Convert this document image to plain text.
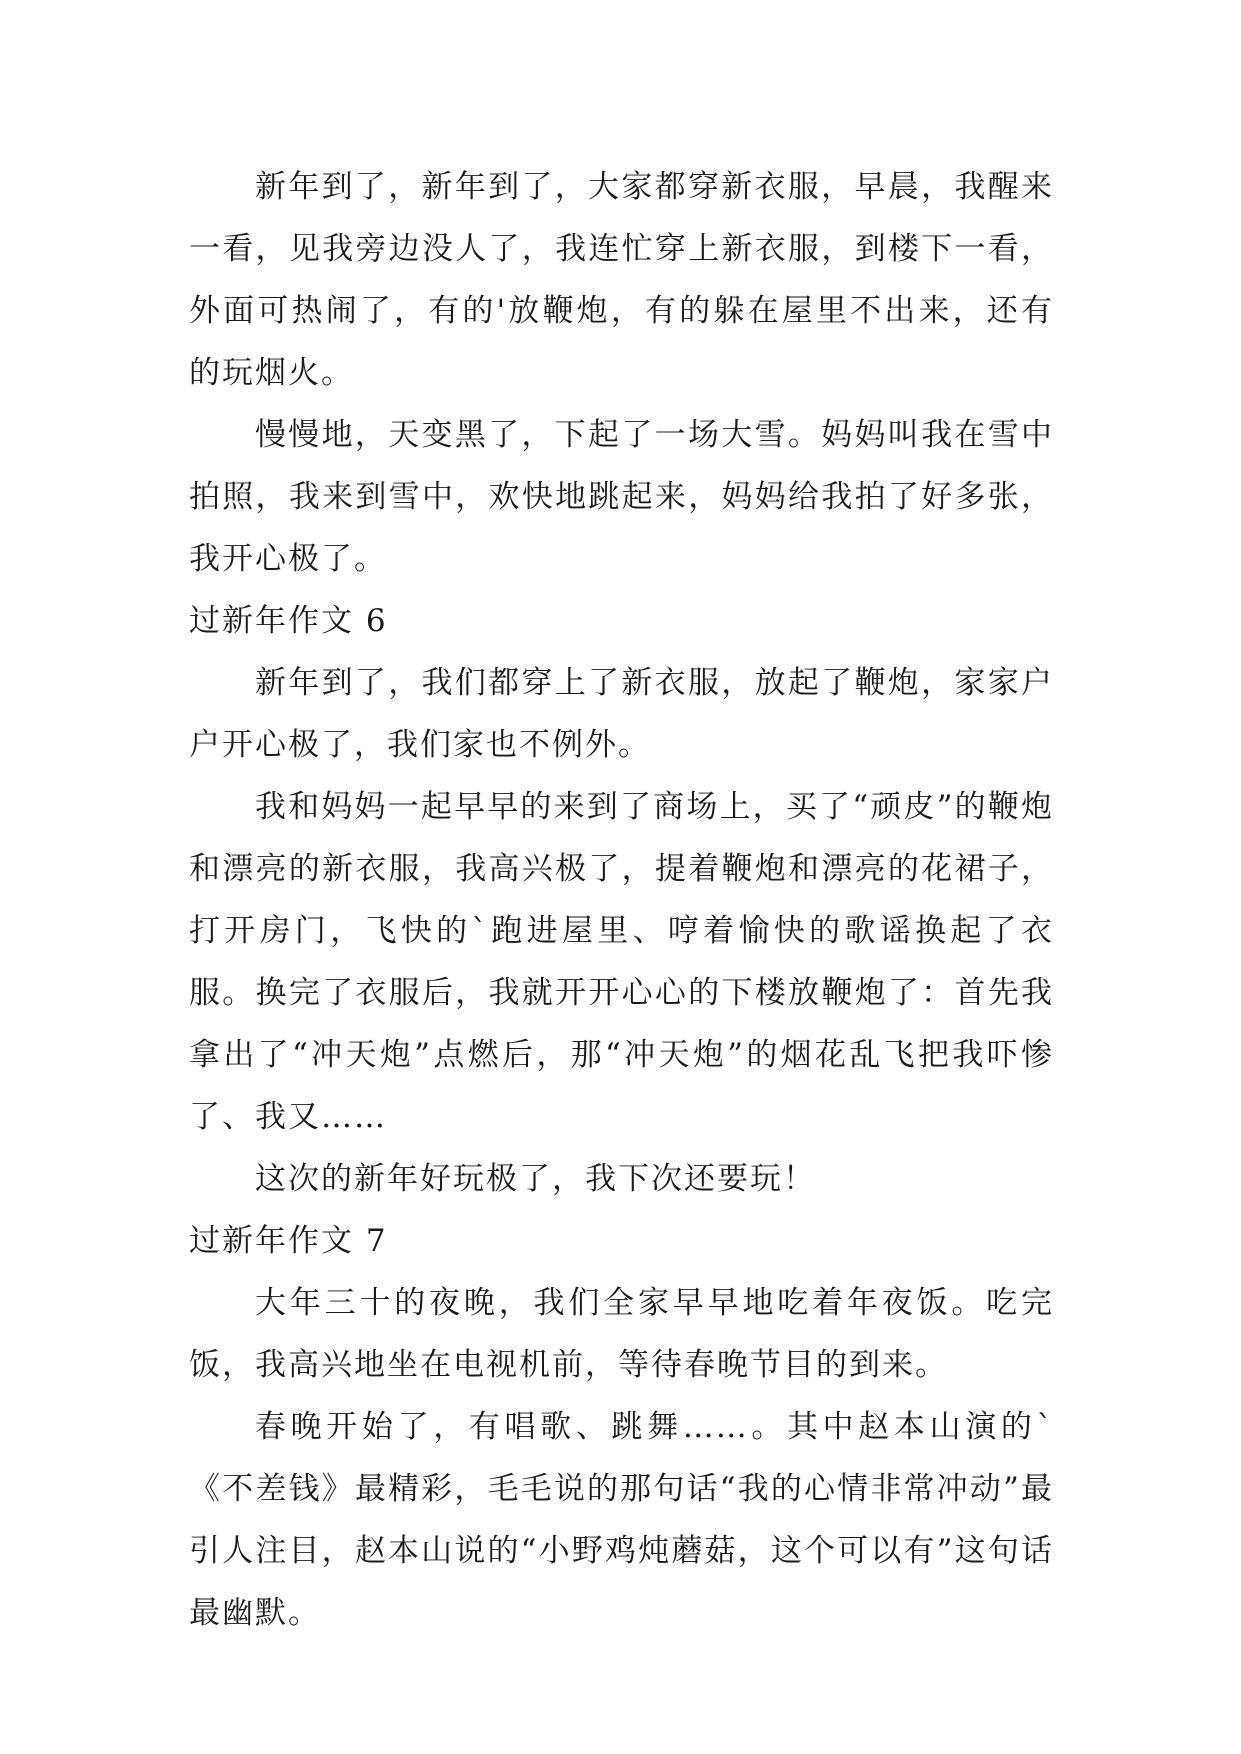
新年到了，新年到了，大家都穿新衣服，早晨，我醒来一看，见我旁边没人了，我连忙穿上新衣服，到楼下一看，外面可热闹了，有的'放鞭炮，有的躲在屋里不出来，还有的玩烟火。

慢慢地，天变黑了，下起了一场大雪。妈妈叫我在雪中拍照，我来到雪中，欢快地跳起来，妈妈给我拍了好多张，我开心极了。

过新年作文 6

新年到了，我们都穿上了新衣服，放起了鞭炮，家家户户开心极了，我们家也不例外。

我和妈妈一起早早的来到了商场上，买了“顽皮”的鞭炮和漂亮的新衣服，我高兴极了，提着鞭炮和漂亮的花裙子，打开房门，飞快的`跑进屋里、哼着愉快的歌谣换起了衣服。换完了衣服后，我就开开心心的下楼放鞭炮了：首先我拿出了“冲天炮”点燃后，那“冲天炮”的烟花乱飞把我吓惨了、我又……

这次的新年好玩极了，我下次还要玩！

过新年作文 7

大年三十的夜晚，我们全家早早地吃着年夜饭。吃完饭，我高兴地坐在电视机前，等待春晚节目的到来。

春晚开始了，有唱歌、跳舞……。其中赵本山演的`《不差钱》最精彩，毛毛说的那句话“我的心情非常冲动”最引人注目，赵本山说的“小野鸡炖蘑菇，这个可以有”这句话最幽默。
